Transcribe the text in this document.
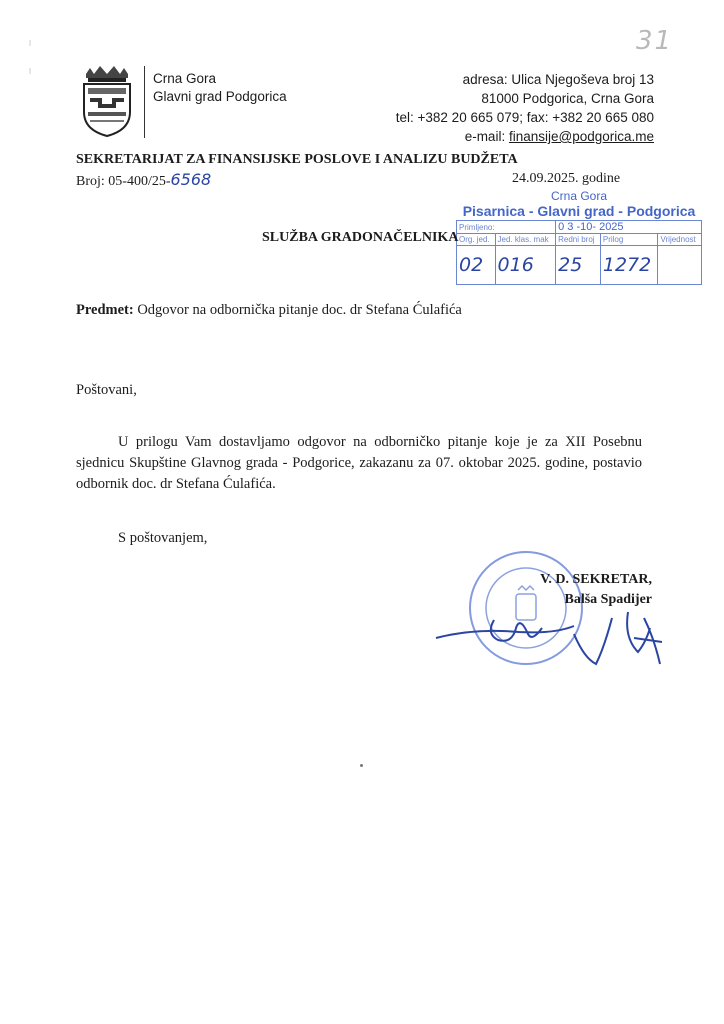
31
Crna Gora
Glavni grad Podgorica
adresa: Ulica Njegoševa broj 13
81000 Podgorica, Crna Gora
tel: +382 20 665 079; fax: +382 20 665 080
e-mail: finansije@podgorica.me
SEKRETARIJAT ZA FINANSIJSKE POSLOVE I ANALIZU BUDŽETA
Broj: 05-400/25-6568	24.09.2025. godine
Crna Gora
Pisarnica - Glavni grad - Podgorica
Primljeno:		0 3 -10- 2025		
Org. jed.	Jed. klas. mak	Redni broj	Prilog	Vrijednost
02	016	25	1272	
SLUŽBA GRADONAČELNIKA
Predmet: Odgovor na odbornička pitanje doc. dr Stefana Ćulafića
Poštovani,
U prilogu Vam dostavljamo odgovor na odborničko pitanje koje je za XII Posebnu sjednicu Skupštine Glavnog grada - Podgorice, zakazanu za 07. oktobar 2025. godine, postavio odbornik doc. dr Stefana Ćulafića.
S poštovanjem,
V. D. SEKRETAR,
Balša Spadijer
